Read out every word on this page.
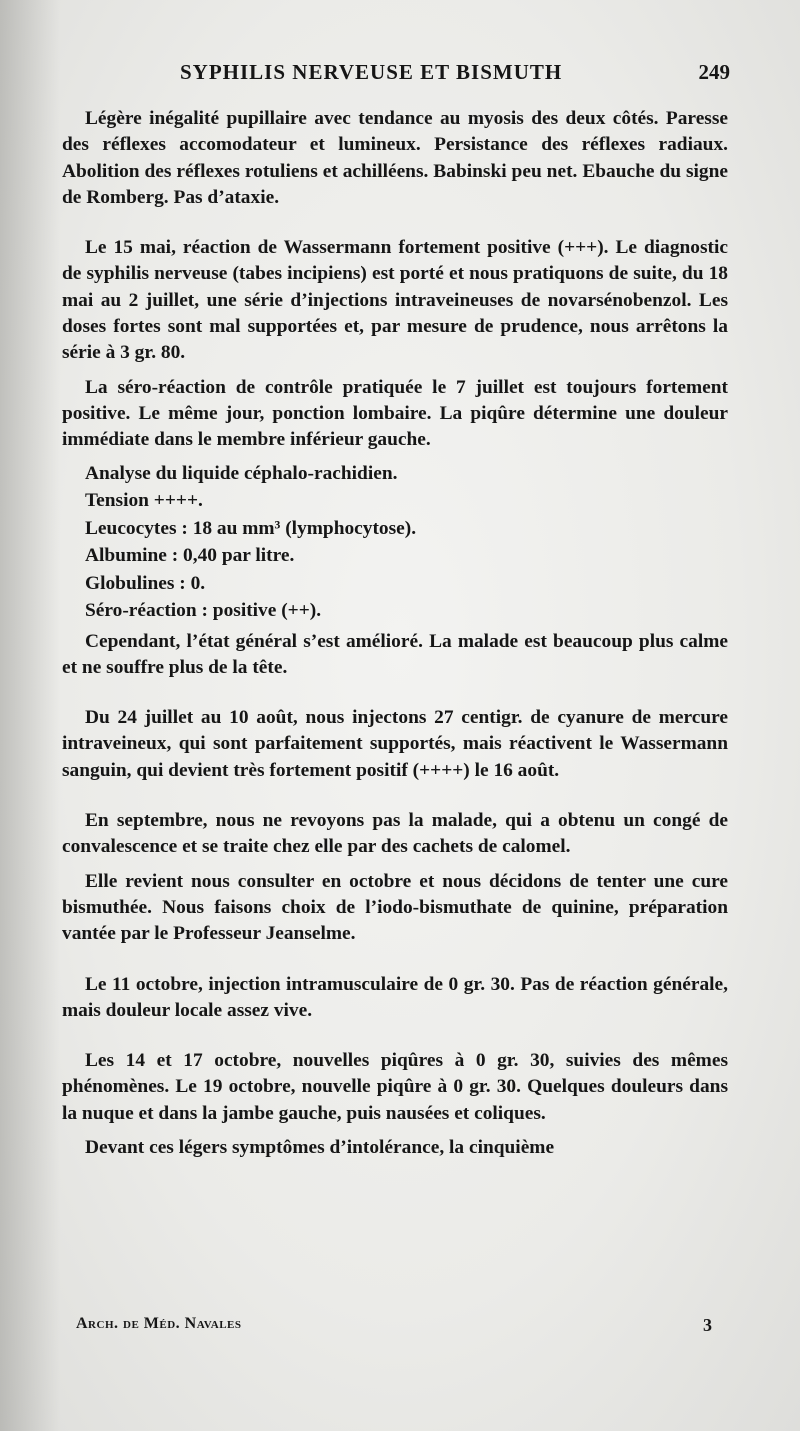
SYPHILIS NERVEUSE ET BISMUTH	249

Légère inégalité pupillaire avec tendance au myosis des deux côtés. Paresse des réflexes accomodateur et lumineux. Persistance des réflexes radiaux. Abolition des réflexes rotuliens et achilléens. Babinski peu net. Ebauche du signe de Romberg. Pas d’ataxie.

Le 15 mai, réaction de Wassermann fortement positive (+++). Le diagnostic de syphilis nerveuse (tabes incipiens) est porté et nous pratiquons de suite, du 18 mai au 2 juillet, une série d’injections intraveineuses de novarsénobenzol. Les doses fortes sont mal supportées et, par mesure de prudence, nous arrêtons la série à 3 gr. 80.

La séro-réaction de contrôle pratiquée le 7 juillet est toujours fortement positive. Le même jour, ponction lombaire. La piqûre détermine une douleur immédiate dans le membre inférieur gauche.

Analyse du liquide céphalo-rachidien.
Tension ++++.
Leucocytes : 18 au mm³ (lymphocytose).
Albumine : 0,40 par litre.
Globulines : 0.
Séro-réaction : positive (++).

Cependant, l’état général s’est amélioré. La malade est beaucoup plus calme et ne souffre plus de la tête.

Du 24 juillet au 10 août, nous injectons 27 centigr. de cyanure de mercure intraveineux, qui sont parfaitement supportés, mais réactivent le Wassermann sanguin, qui devient très fortement positif (++++) le 16 août.

En septembre, nous ne revoyons pas la malade, qui a obtenu un congé de convalescence et se traite chez elle par des cachets de calomel.

Elle revient nous consulter en octobre et nous décidons de tenter une cure bismuthée. Nous faisons choix de l’iodo-bismuthate de quinine, préparation vantée par le Professeur Jeanselme.

Le 11 octobre, injection intramusculaire de 0 gr. 30. Pas de réaction générale, mais douleur locale assez vive.

Les 14 et 17 octobre, nouvelles piqûres à 0 gr. 30, suivies des mêmes phénomènes. Le 19 octobre, nouvelle piqûre à 0 gr. 30. Quelques douleurs dans la nuque et dans la jambe gauche, puis nausées et coliques.

Devant ces légers symptômes d’intolérance, la cinquième

Arch. de Méd. Navales	3
